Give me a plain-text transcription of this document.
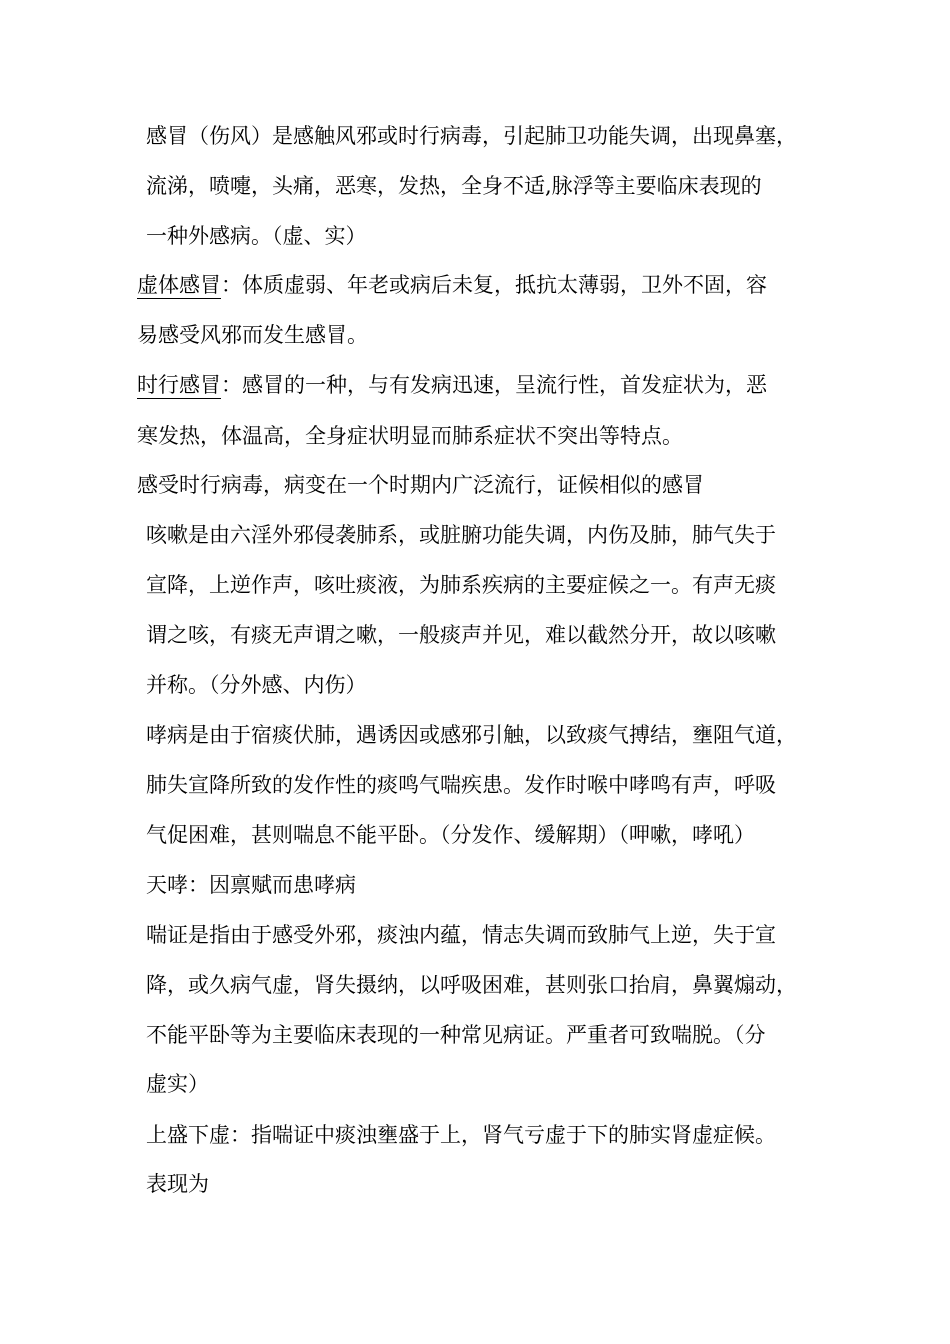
感冒（伤风）是感触风邪或时行病毒，引起肺卫功能失调，出现鼻塞，
流涕，喷嚏，头痛，恶寒，发热，全身不适,脉浮等主要临床表现的
一种外感病。（虚、实）
虚体感冒：体质虚弱、年老或病后未复，抵抗太薄弱，卫外不固，容
易感受风邪而发生感冒。
时行感冒：感冒的一种，与有发病迅速，呈流行性，首发症状为，恶
寒发热，体温高，全身症状明显而肺系症状不突出等特点。
感受时行病毒，病变在一个时期内广泛流行，证候相似的感冒
咳嗽是由六淫外邪侵袭肺系，或脏腑功能失调，内伤及肺，肺气失于
宣降，上逆作声，咳吐痰液，为肺系疾病的主要症候之一。有声无痰
谓之咳，有痰无声谓之嗽，一般痰声并见，难以截然分开，故以咳嗽
并称。（分外感、内伤）
哮病是由于宿痰伏肺，遇诱因或感邪引触，以致痰气搏结，壅阻气道，
肺失宣降所致的发作性的痰鸣气喘疾患。发作时喉中哮鸣有声，呼吸
气促困难，甚则喘息不能平卧。（分发作、缓解期）（呷嗽，哮吼）
天哮：因禀赋而患哮病
喘证是指由于感受外邪，痰浊内蕴，情志失调而致肺气上逆，失于宣
降，或久病气虚，肾失摄纳，以呼吸困难，甚则张口抬肩，鼻翼煽动，
不能平卧等为主要临床表现的一种常见病证。严重者可致喘脱。（分
虚实）
上盛下虚：指喘证中痰浊壅盛于上，肾气亏虚于下的肺实肾虚症候。
表现为
